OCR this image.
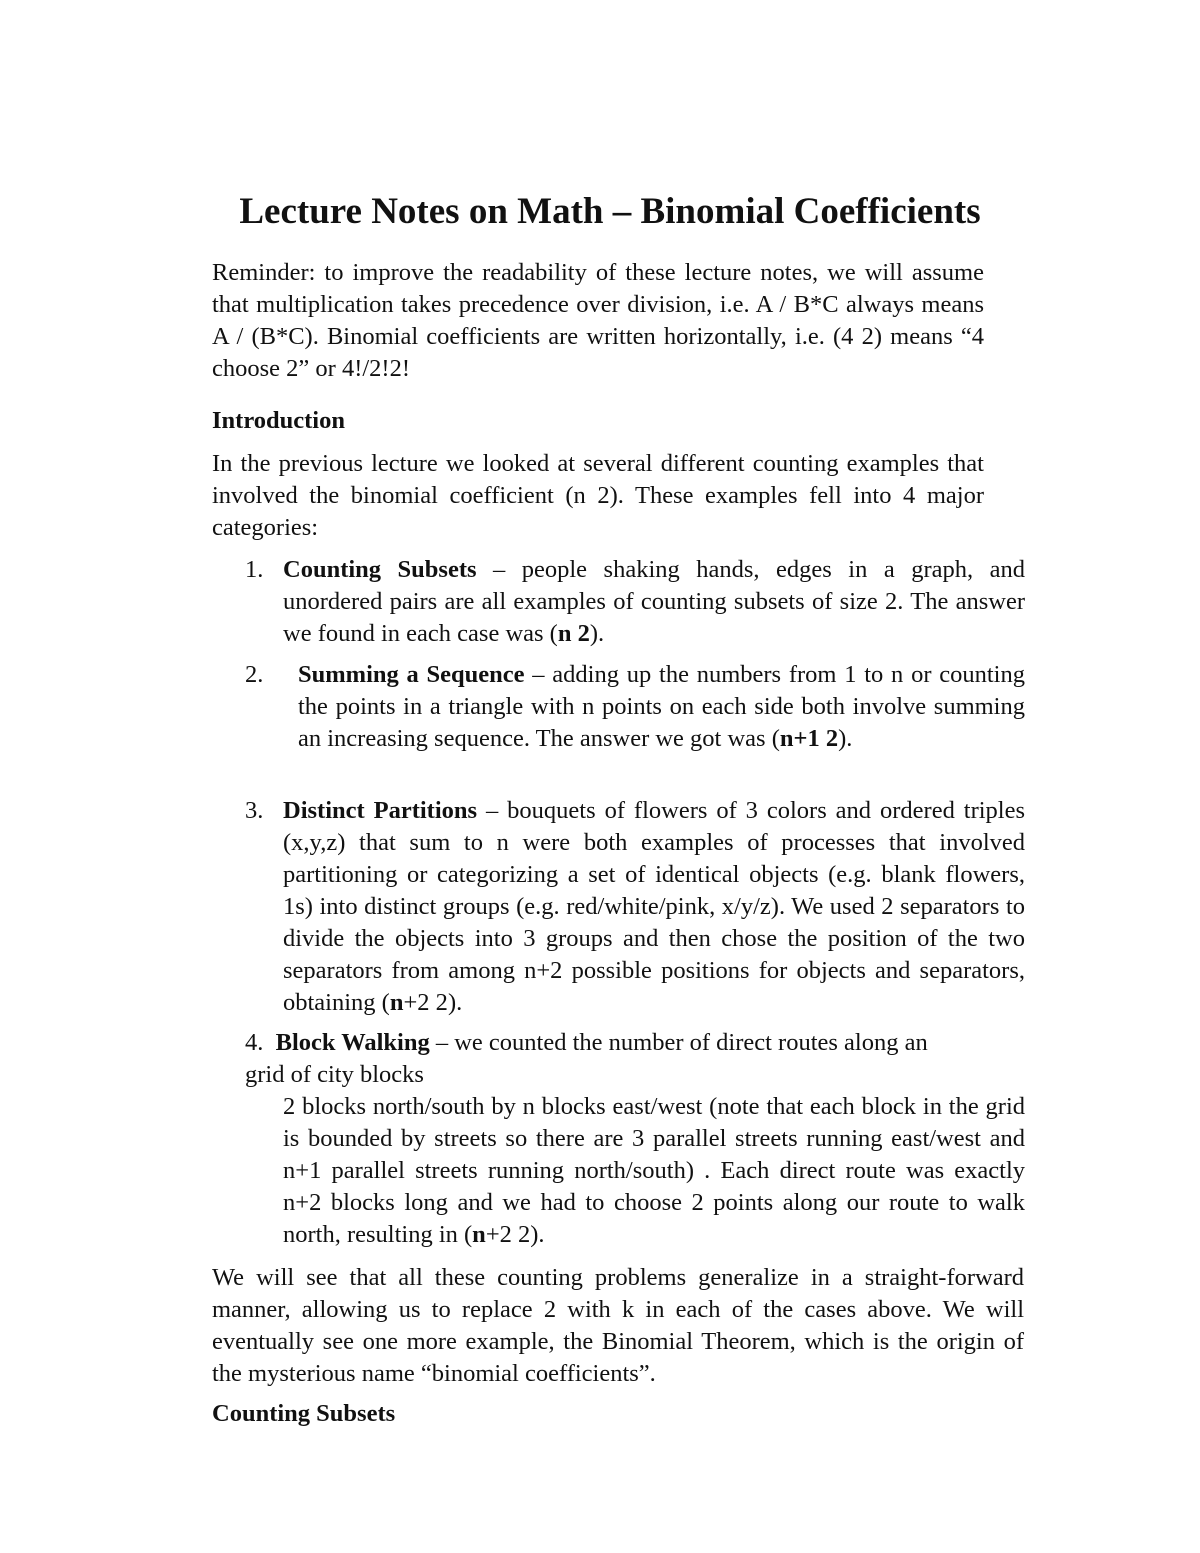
Lecture Notes on Math – Binomial Coefficients

Reminder: to improve the readability of these lecture notes, we will assume that multiplication takes precedence over division, i.e. A / B*C always means A / (B*C). Binomial coefficients are written horizontally, i.e. (4 2) means “4 choose 2” or 4!/2!2!

Introduction

In the previous lecture we looked at several different counting examples that involved the binomial coefficient (n 2). These examples fell into 4 major categories:

1. Counting Subsets – people shaking hands, edges in a graph, and unordered pairs are all examples of counting subsets of size 2. The answer we found in each case was (n 2).

2. Summing a Sequence – adding up the numbers from 1 to n or counting the points in a triangle with n points on each side both involve summing an increasing sequence. The answer we got was (n+1 2).

3. Distinct Partitions – bouquets of flowers of 3 colors and ordered triples (x,y,z) that sum to n were both examples of processes that involved partitioning or categorizing a set of identical objects (e.g. blank flowers, 1s) into distinct groups (e.g. red/white/pink, x/y/z). We used 2 separators to divide the objects into 3 groups and then chose the position of the two separators from among n+2 possible positions for objects and separators, obtaining (n+2 2).

4. Block Walking – we counted the number of direct routes along an

grid of city blocks

2 blocks north/south by n blocks east/west (note that each block in the grid is bounded by streets so there are 3 parallel streets running east/west and n+1 parallel streets running north/south) . Each direct route was exactly n+2 blocks long and we had to choose 2 points along our route to walk north, resulting in (n+2 2).

We will see that all these counting problems generalize in a straight-forward manner, allowing us to replace 2 with k in each of the cases above. We will eventually see one more example, the Binomial Theorem, which is the origin of the mysterious name “binomial coefficients”.

Counting Subsets
